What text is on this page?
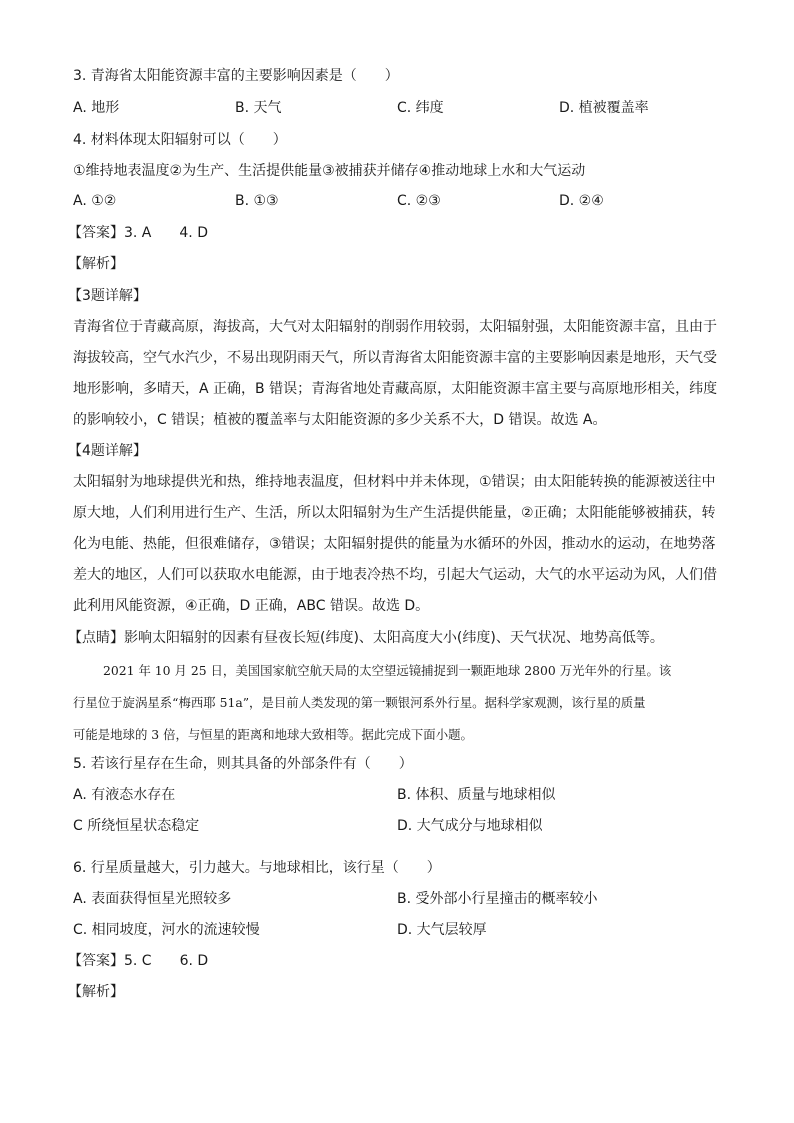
3. 青海省太阳能资源丰富的主要影响因素是（　　）
A. 地形	B. 天气	C. 纬度	D. 植被覆盖率
4. 材料体现太阳辐射可以（　　）
①维持地表温度②为生产、生活提供能量③被捕获并储存④推动地球上水和大气运动
A. ①②	B. ①③	C. ②③	D. ②④
【答案】3. A　　4. D
【解析】
【3题详解】
青海省位于青藏高原，海拔高，大气对太阳辐射的削弱作用较弱，太阳辐射强，太阳能资源丰富，且由于
海拔较高，空气水汽少，不易出现阴雨天气，所以青海省太阳能资源丰富的主要影响因素是地形，天气受
地形影响，多晴天，A 正确，B 错误；青海省地处青藏高原，太阳能资源丰富主要与高原地形相关，纬度
的影响较小，C 错误；植被的覆盖率与太阳能资源的多少关系不大，D 错误。故选 A。
【4题详解】
太阳辐射为地球提供光和热，维持地表温度，但材料中并未体现，①错误；由太阳能转换的能源被送往中
原大地，人们利用进行生产、生活，所以太阳辐射为生产生活提供能量，②正确；太阳能能够被捕获，转
化为电能、热能，但很难储存，③错误；太阳辐射提供的能量为水循环的外因，推动水的运动，在地势落
差大的地区，人们可以获取水电能源，由于地表冷热不均，引起大气运动，大气的水平运动为风，人们借
此利用风能资源，④正确，D 正确，ABC 错误。故选 D。
【点睛】影响太阳辐射的因素有昼夜长短(纬度)、太阳高度大小(纬度)、天气状况、地势高低等。
2021 年 10 月 25 日，美国国家航空航天局的太空望远镜捕捉到一颗距地球 2800 万光年外的行星。该
行星位于旋涡星系“梅西耶 51a”，是目前人类发现的第一颗银河系外行星。据科学家观测，该行星的质量
可能是地球的 3 倍，与恒星的距离和地球大致相等。据此完成下面小题。
5. 若该行星存在生命，则其具备的外部条件有（　　）
A. 有液态水存在	B. 体积、质量与地球相似
C 所绕恒星状态稳定	D. 大气成分与地球相似
6. 行星质量越大，引力越大。与地球相比，该行星（　　）
A. 表面获得恒星光照较多	B. 受外部小行星撞击的概率较小
C. 相同坡度，河水的流速较慢	D. 大气层较厚
【答案】5. C　　6. D
【解析】
